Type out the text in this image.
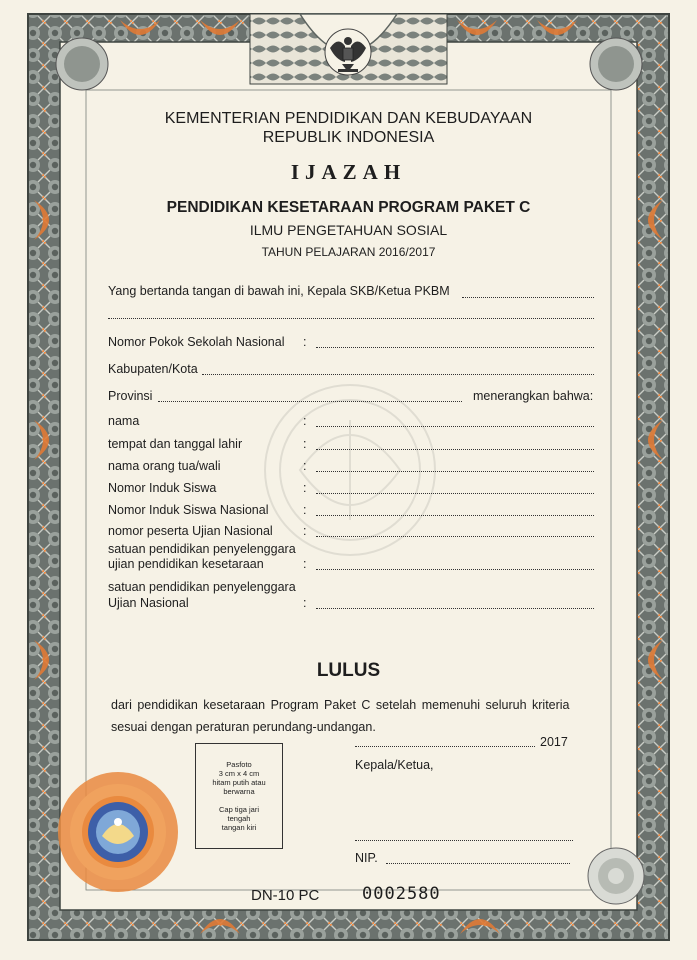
KEMENTERIAN PENDIDIKAN DAN KEBUDAYAAN
REPUBLIK INDONESIA
IJAZAH
PENDIDIKAN KESETARAAN PROGRAM PAKET C
ILMU PENGETAHUAN SOSIAL
TAHUN PELAJARAN 2016/2017
Yang bertanda tangan di bawah ini, Kepala SKB/Ketua PKBM
Nomor Pokok Sekolah Nasional :
Kabupaten/Kota
Provinsi	menerangkan bahwa:
nama	:
tempat dan tanggal lahir	:
nama orang tua/wali	:
Nomor Induk Siswa	:
Nomor Induk Siswa Nasional	:
nomor peserta Ujian Nasional :
satuan pendidikan penyelenggara
ujian pendidikan kesetaraan	:
satuan pendidikan penyelenggara
Ujian Nasional	:
LULUS
dari pendidikan kesetaraan Program Paket C setelah memenuhi seluruh kriteria
sesuai dengan peraturan perundang-undangan.
Pasfoto
3 cm x 4 cm
hitam putih atau
berwarna
Cap tiga jari
tengah
tangan kiri
2017
Kepala/Ketua,
NIP.
DN-10 PC	0002580
